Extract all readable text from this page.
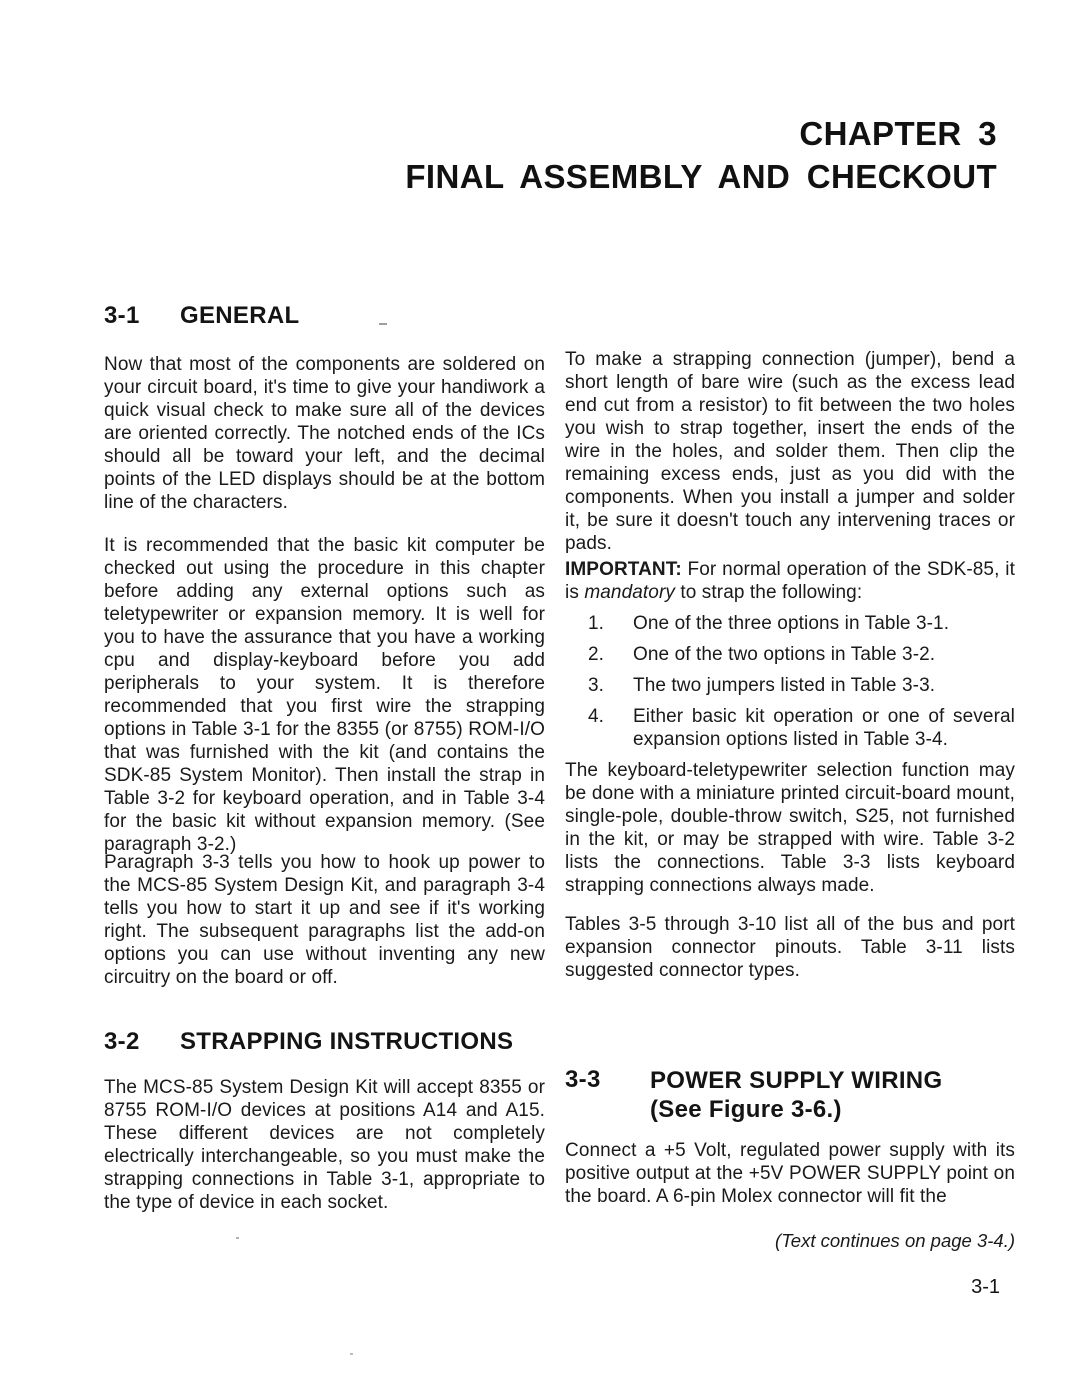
CHAPTER 3
FINAL ASSEMBLY AND CHECKOUT
3-1	GENERAL

Now that most of the components are soldered on your circuit board, it's time to give your handiwork a quick visual check to make sure all of the devices are oriented correctly. The notched ends of the ICs should all be toward your left, and the decimal points of the LED displays should be at the bottom line of the characters.

It is recommended that the basic kit computer be checked out using the procedure in this chapter before adding any external options such as teletypewriter or expansion memory. It is well for you to have the assurance that you have a working cpu and display-keyboard before you add peripherals to your system. It is therefore recommended that you first wire the strapping options in Table 3-1 for the 8355 (or 8755) ROM-I/O that was furnished with the kit (and contains the SDK-85 System Monitor). Then install the strap in Table 3-2 for keyboard operation, and in Table 3-4 for the basic kit without expansion memory. (See paragraph 3-2.)

Paragraph 3-3 tells you how to hook up power to the MCS-85 System Design Kit, and paragraph 3-4 tells you how to start it up and see if it's working right. The subsequent paragraphs list the add-on options you can use without inventing any new circuitry on the board or off.

3-2	STRAPPING INSTRUCTIONS

The MCS-85 System Design Kit will accept 8355 or 8755 ROM-I/O devices at positions A14 and A15. These different devices are not completely electrically interchangeable, so you must make the strapping connections in Table 3-1, appropriate to the type of device in each socket.

To make a strapping connection (jumper), bend a short length of bare wire (such as the excess lead end cut from a resistor) to fit between the two holes you wish to strap together, insert the ends of the wire in the holes, and solder them. Then clip the remaining excess ends, just as you did with the components. When you install a jumper and solder it, be sure it doesn't touch any intervening traces or pads.

IMPORTANT: For normal operation of the SDK-85, it is mandatory to strap the following:

1.	One of the three options in Table 3-1.
2.	One of the two options in Table 3-2.
3.	The two jumpers listed in Table 3-3.
4.	Either basic kit operation or one of several expansion options listed in Table 3-4.

The keyboard-teletypewriter selection function may be done with a miniature printed circuit-board mount, single-pole, double-throw switch, S25, not furnished in the kit, or may be strapped with wire. Table 3-2 lists the connections. Table 3-3 lists keyboard strapping connections always made.

Tables 3-5 through 3-10 list all of the bus and port expansion connector pinouts. Table 3-11 lists suggested connector types.

3-3	POWER SUPPLY WIRING
(See Figure 3-6.)

Connect a +5 Volt, regulated power supply with its positive output at the +5V POWER SUPPLY point on the board. A 6-pin Molex connector will fit the

(Text continues on page 3-4.)

3-1
